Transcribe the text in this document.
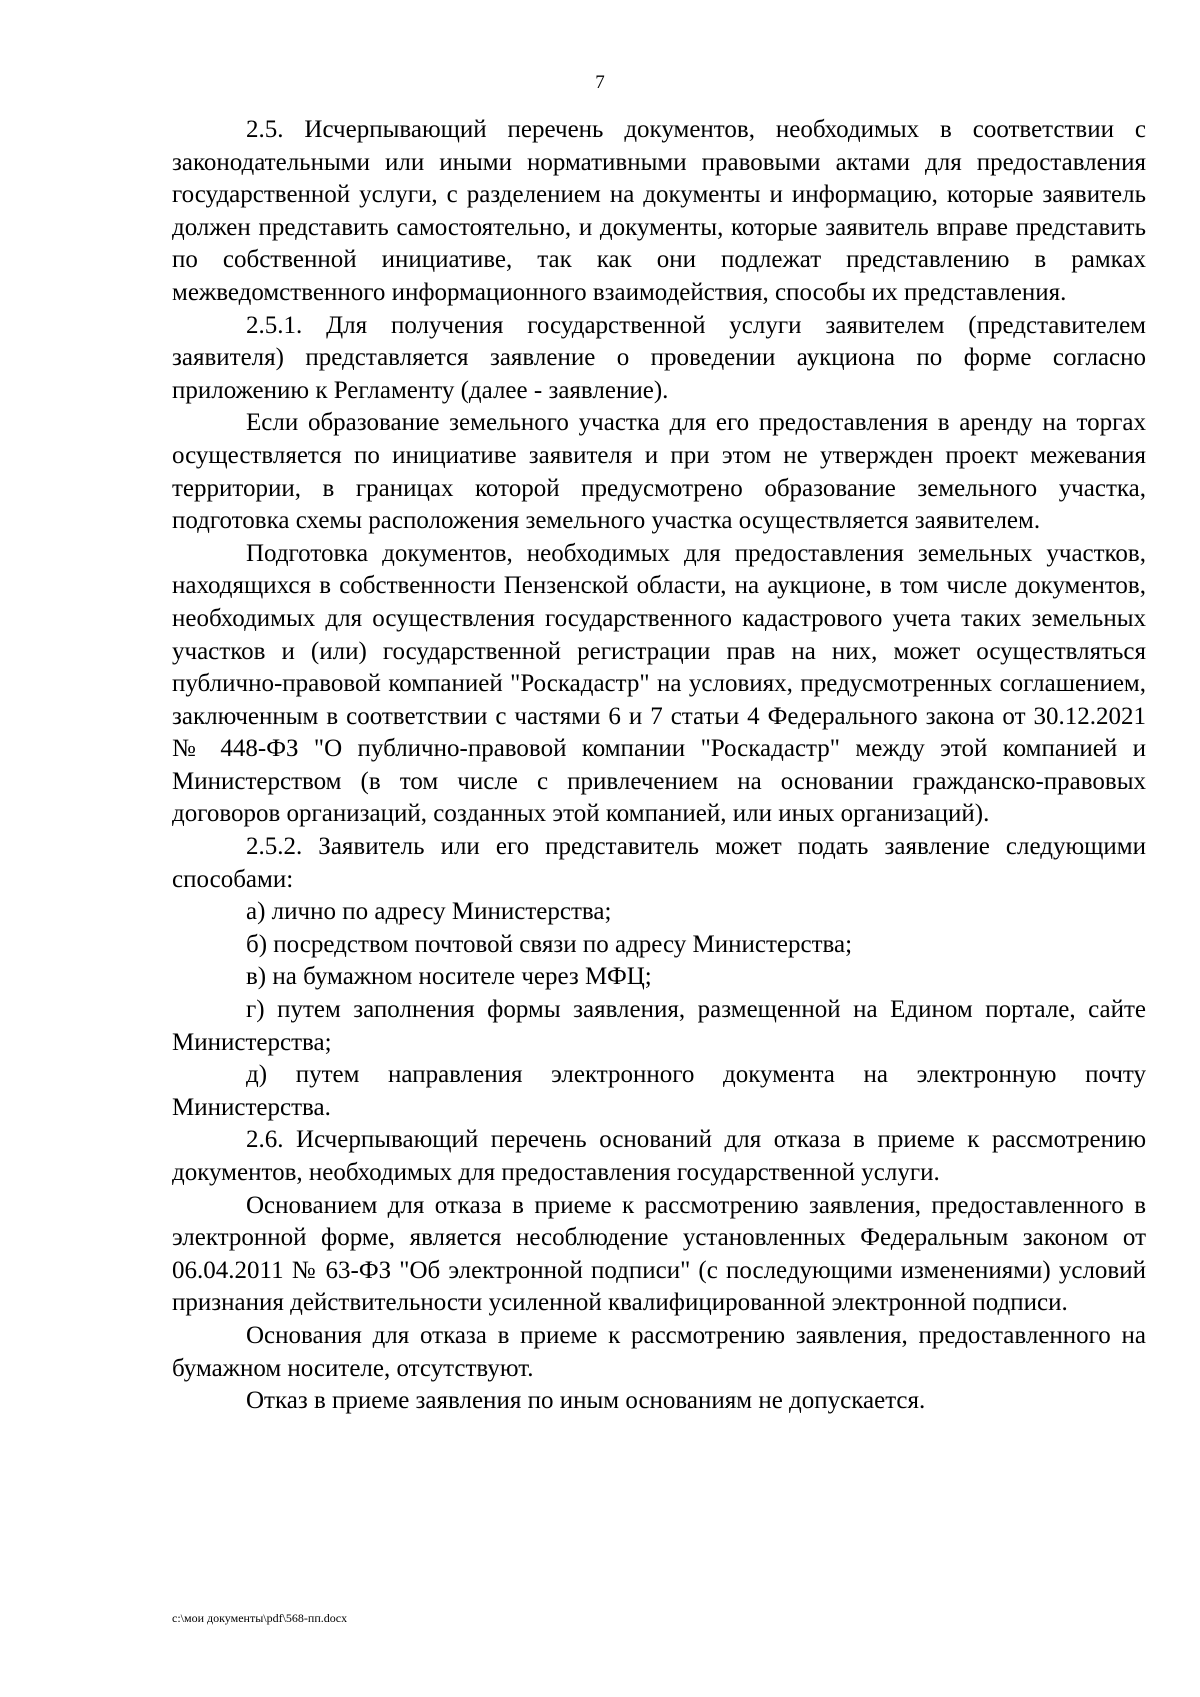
7

2.5. Исчерпывающий перечень документов, необходимых в соответствии с законодательными или иными нормативными правовыми актами для предоставления государственной услуги, с разделением на документы и информацию, которые заявитель должен представить самостоятельно, и документы, которые заявитель вправе представить по собственной инициативе, так как они подлежат представлению в рамках межведомственного информационного взаимодействия, способы их представления.

2.5.1. Для получения государственной услуги заявителем (представителем заявителя) представляется заявление о проведении аукциона по форме согласно приложению к Регламенту (далее - заявление).

Если образование земельного участка для его предоставления в аренду на торгах осуществляется по инициативе заявителя и при этом не утвержден проект межевания территории, в границах которой предусмотрено образование земельного участка, подготовка схемы расположения земельного участка осуществляется заявителем.

Подготовка документов, необходимых для предоставления земельных участков, находящихся в собственности Пензенской области, на аукционе, в том числе документов, необходимых для осуществления государственного кадастрового учета таких земельных участков и (или) государственной регистрации прав на них, может осуществляться публично-правовой компанией "Роскадастр" на условиях, предусмотренных соглашением, заключенным в соответствии с частями 6 и 7 статьи 4 Федерального закона от 30.12.2021 № 448-ФЗ "О публично-правовой компании "Роскадастр" между этой компанией и Министерством (в том числе с привлечением на основании гражданско-правовых договоров организаций, созданных этой компанией, или иных организаций).

2.5.2. Заявитель или его представитель может подать заявление следующими способами:

а) лично по адресу Министерства;

б) посредством почтовой связи по адресу Министерства;

в) на бумажном носителе через МФЦ;

г) путем заполнения формы заявления, размещенной на Едином портале, сайте Министерства;

д) путем направления электронного документа на электронную почту Министерства.

2.6. Исчерпывающий перечень оснований для отказа в приеме к рассмотрению документов, необходимых для предоставления государственной услуги.

Основанием для отказа в приеме к рассмотрению заявления, предоставленного в электронной форме, является несоблюдение установленных Федеральным законом от 06.04.2011 № 63-ФЗ "Об электронной подписи" (с последующими изменениями) условий признания действительности усиленной квалифицированной электронной подписи.

Основания для отказа в приеме к рассмотрению заявления, предоставленного на бумажном носителе, отсутствуют.

Отказ в приеме заявления по иным основаниям не допускается.

c:\мои документы\pdf\568-пп.docx
